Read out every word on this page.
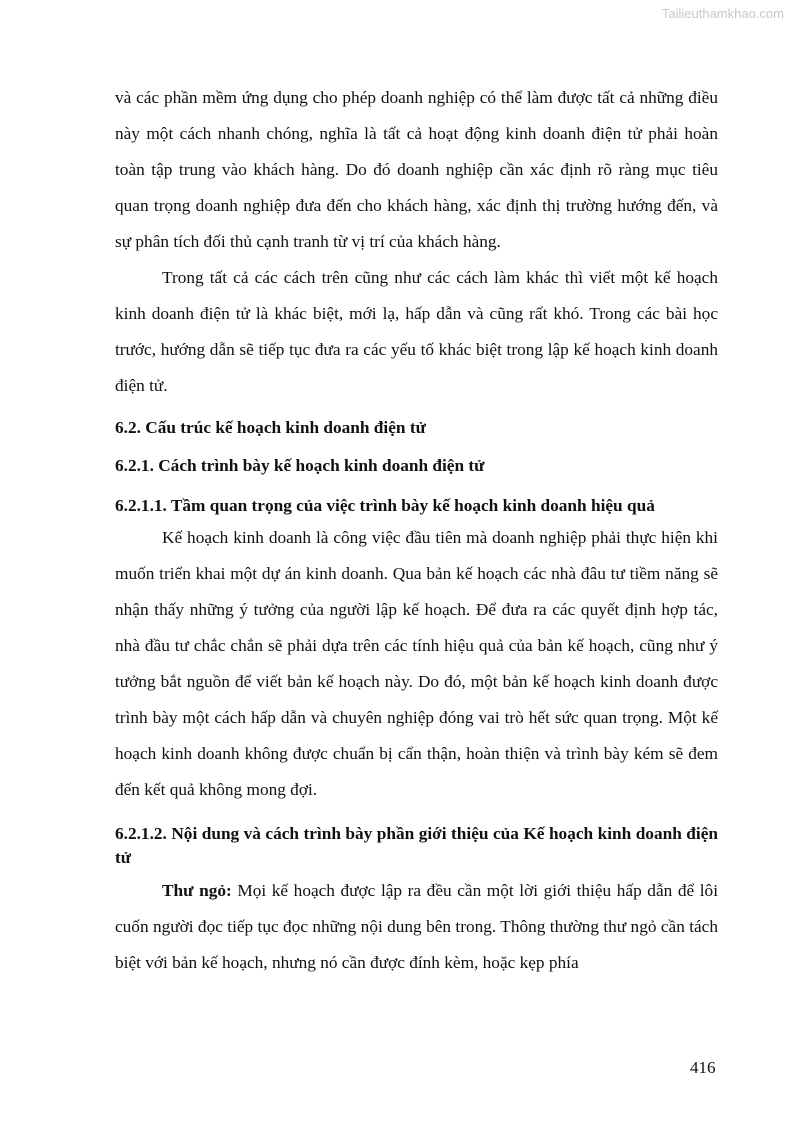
Tailieuthamkhao.com

và các phần mềm ứng dụng cho phép doanh nghiệp có thể làm được tất cả những điều này một cách nhanh chóng, nghĩa là tất cả hoạt động kinh doanh điện tử phải hoàn toàn tập trung vào khách hàng. Do đó doanh nghiệp cần xác định rõ ràng mục tiêu quan trọng doanh nghiệp đưa đến cho khách hàng, xác định thị trường hướng đến, và sự phân tích đối thủ cạnh tranh từ vị trí của khách hàng.

Trong tất cả các cách trên cũng như các cách làm khác thì viết một kế hoạch kinh doanh điện tử là khác biệt, mới lạ, hấp dẫn và cũng rất khó. Trong các bài học trước, hướng dẫn sẽ tiếp tục đưa ra các yếu tố khác biệt trong lập kế hoạch kinh doanh điện tử.

6.2. Cấu trúc kế hoạch kinh doanh điện tử
6.2.1. Cách trình bày kế hoạch kinh doanh điện tử
6.2.1.1. Tầm quan trọng của việc trình bày kế hoạch kinh doanh hiệu quả

Kế hoạch kinh doanh là công việc đầu tiên mà doanh nghiệp phải thực hiện khi muốn triển khai một dự án kinh doanh. Qua bản kế hoạch các nhà đâu tư tiềm năng sẽ nhận thấy những ý tưởng của người lập kế hoạch. Để đưa ra các quyết định hợp tác, nhà đầu tư chắc chắn sẽ phải dựa trên các tính hiệu quả của bản kế hoạch, cũng như ý tưởng bắt nguồn để viết bản kế hoạch này. Do đó, một bản kế hoạch kinh doanh được trình bày một cách hấp dẫn và chuyên nghiệp đóng vai trò hết sức quan trọng. Một kế hoạch kinh doanh không được chuẩn bị cẩn thận, hoàn thiện và trình bày kém sẽ đem đến kết quả không mong đợi.

6.2.1.2. Nội dung và cách trình bày phần giới thiệu của Kế hoạch kinh doanh điện tử

Thư ngỏ: Mọi kế hoạch được lập ra đều cần một lời giới thiệu hấp dẫn để lôi cuốn người đọc tiếp tục đọc những nội dung bên trong. Thông thường thư ngỏ cần tách biệt với bản kế hoạch, nhưng nó cần được đính kèm, hoặc kẹp phía

416
